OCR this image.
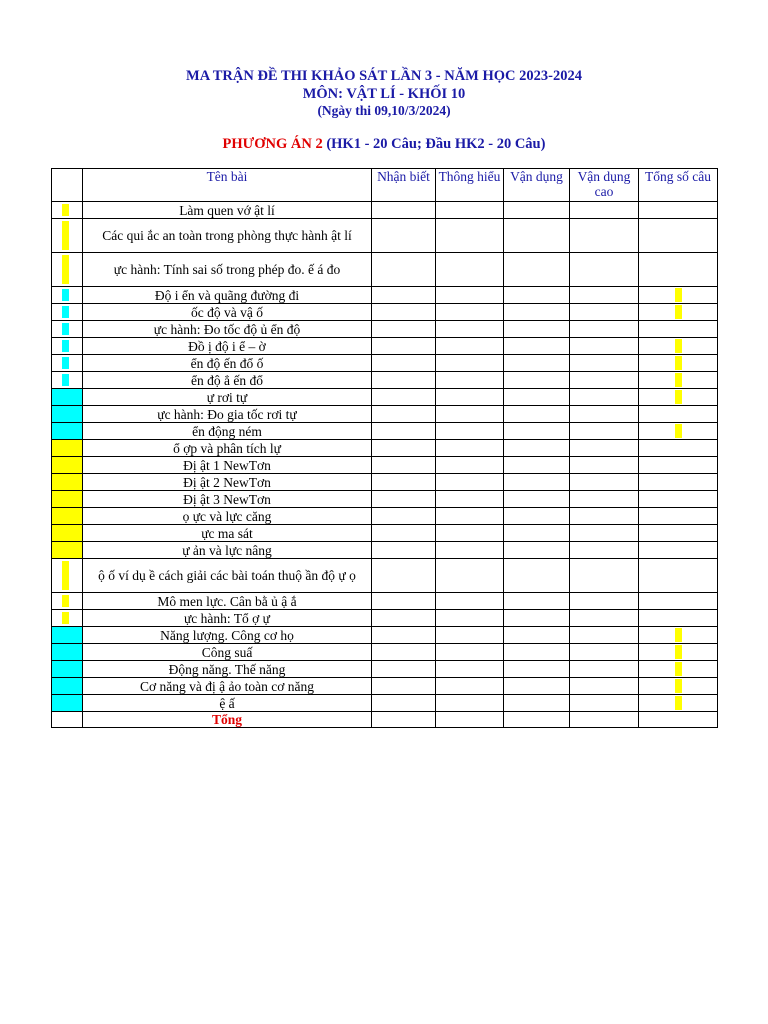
MA TRẬN ĐỀ THI KHẢO SÁT LẦN 3 - NĂM HỌC 2023-2024
MÔN: VẬT LÍ - KHỐI 10
(Ngày thi 09,10/3/2024)
PHƯƠNG ÁN 2 (HK1 - 20 Câu; Đầu HK2 - 20 Câu)
	Tên bài	Nhận biết	Thông hiểu	Vận dụng	Vận dụng cao	Tổng số câu

	Làm quen vớ ật lí					

	Các qui ắc an toàn trong phòng thực hành ật lí					

	ực hành: Tính sai số trong phép đo. ế á đo					

	Độ i ển và quãng đường đi					

	ốc độ và vậ ố					

	ực hành: Đo tốc độ ủ ển độ					

	Đồ ị độ i ể – ờ					

	ển độ ến đổ ố					

	ển độ ẳ ến đổ					

	ự rơi tự					

	ực hành: Đo gia tốc rơi tự					

	ển động ném					

	ổ ợp và phân tích lự					

	Đị ật 1 NewTơn					

	Đị ật 2 NewTơn					

	Đị ật 3 NewTơn					

	ọ ực và lực căng					

	ực ma sát					

	ự ản và lực nâng					

	ộ ố ví dụ ề cách giải các bài toán thuộ ần độ ự ọ					

	Mô men lực. Cân bằ ủ ậ ắ					

	ực hành: Tổ ợ ự					

	Năng lượng. Công cơ họ					

	Công suấ					

	Động năng. Thế năng					

	Cơ năng và đị ậ ảo toàn cơ năng					

	ệ ấ					

	Tổng					
